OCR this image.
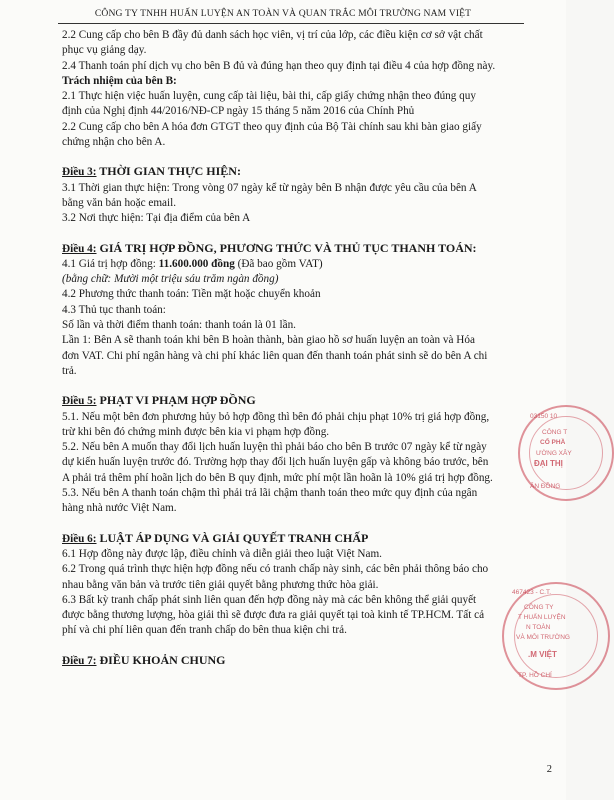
CÔNG TY TNHH HUẤN LUYỆN AN TOÀN VÀ QUAN TRẮC MÔI TRƯỜNG NAM VIỆT

2.2 Cung cấp cho bên B đầy đủ danh sách học viên, vị trí của lớp, các điều kiện cơ sở vật chất

phục vụ giảng dạy.

2.4 Thanh toán phí dịch vụ cho bên B đủ và đúng hạn theo quy định tại điều 4 của hợp đồng này.

Trách nhiệm của bên B:

2.1 Thực hiện việc huấn luyện, cung cấp tài liệu, bài thi, cấp giấy chứng nhận theo đúng quy

định của Nghị định 44/2016/NĐ-CP ngày 15 tháng 5 năm 2016 của Chính Phủ

2.2 Cung cấp cho bên A hóa đơn GTGT theo quy định của Bộ Tài chính sau khi bàn giao giấy

chứng nhận cho bên A.

Điều 3: THỜI GIAN THỰC HIỆN:

3.1 Thời gian thực hiện: Trong vòng 07 ngày kể từ ngày bên B nhận được yêu cầu của bên A

bằng văn bản hoặc email.

3.2 Nơi thực hiện: Tại địa điểm của bên A

Điều 4: GIÁ TRỊ HỢP ĐỒNG, PHƯƠNG THỨC VÀ THỦ TỤC THANH TOÁN:

4.1 Giá trị hợp đồng: 11.600.000 đồng (Đã bao gồm VAT)

(bằng chữ: Mười một triệu sáu trăm ngàn đồng)

4.2 Phương thức thanh toán: Tiền mặt hoặc chuyển khoản

4.3 Thủ tục thanh toán:

Số lần và thời điểm thanh toán: thanh toán là 01 lần.

Lần 1: Bên A sẽ thanh toán khi bên B hoàn thành, bàn giao hồ sơ huấn luyện an toàn và Hóa

đơn VAT. Chi phí ngân hàng và chi phí khác liên quan đến thanh toán phát sinh sẽ do bên A chi

trả.

Điều 5: PHẠT VI PHẠM HỢP ĐỒNG

5.1. Nếu một bên đơn phương hủy bỏ hợp đồng thì bên đó phải chịu phạt 10% trị giá hợp đồng,

trừ khi bên đó chứng minh được bên kia vi phạm hợp đồng.

5.2. Nếu bên A muốn thay đổi lịch huấn luyện thì phải báo cho bên B trước 07 ngày kể từ ngày

dự kiến huấn luyện trước đó. Trường hợp thay đổi lịch huấn luyện gấp và không báo trước, bên

A phải trả thêm phí hoãn lịch do bên B quy định, mức phí một lần hoãn là 10% giá trị hợp đồng.

5.3. Nếu bên A thanh toán chậm thì phải trả lãi chậm thanh toán theo mức quy định của ngân

hàng nhà nước Việt Nam.

Điều 6: LUẬT ÁP DỤNG VÀ GIẢI QUYẾT TRANH CHẤP

6.1 Hợp đồng này được lập, điều chỉnh và diễn giải theo luật Việt Nam.

6.2 Trong quá trình thực hiện hợp đồng nếu có tranh chấp này sinh, các bên phải thông báo cho

nhau bằng văn bản và trước tiên giải quyết bằng phương thức hòa giải.

6.3 Bất kỳ tranh chấp phát sinh liên quan đến hợp đồng này mà các bên không thể giải quyết

được bằng thương lượng, hòa giải thì sẽ được đưa ra giải quyết tại toà kinh tế TP.HCM. Tất cả

phí và chi phí liên quan đến tranh chấp do bên thua kiện chi trả.

Điều 7: ĐIỀU KHOẢN CHUNG

03150 10
CÔNG T
CỔ PHẦ
ƯỜNG XÂY
ĐẠI THỊ
ĂN ĐỒNG
467423 - C.T.
CÔNG TY
T HUẤN LUYỆN
N TOÀN
VÀ MÔI TRƯỜNG
.M VIỆT
TP. HỒ CHÍ
2
